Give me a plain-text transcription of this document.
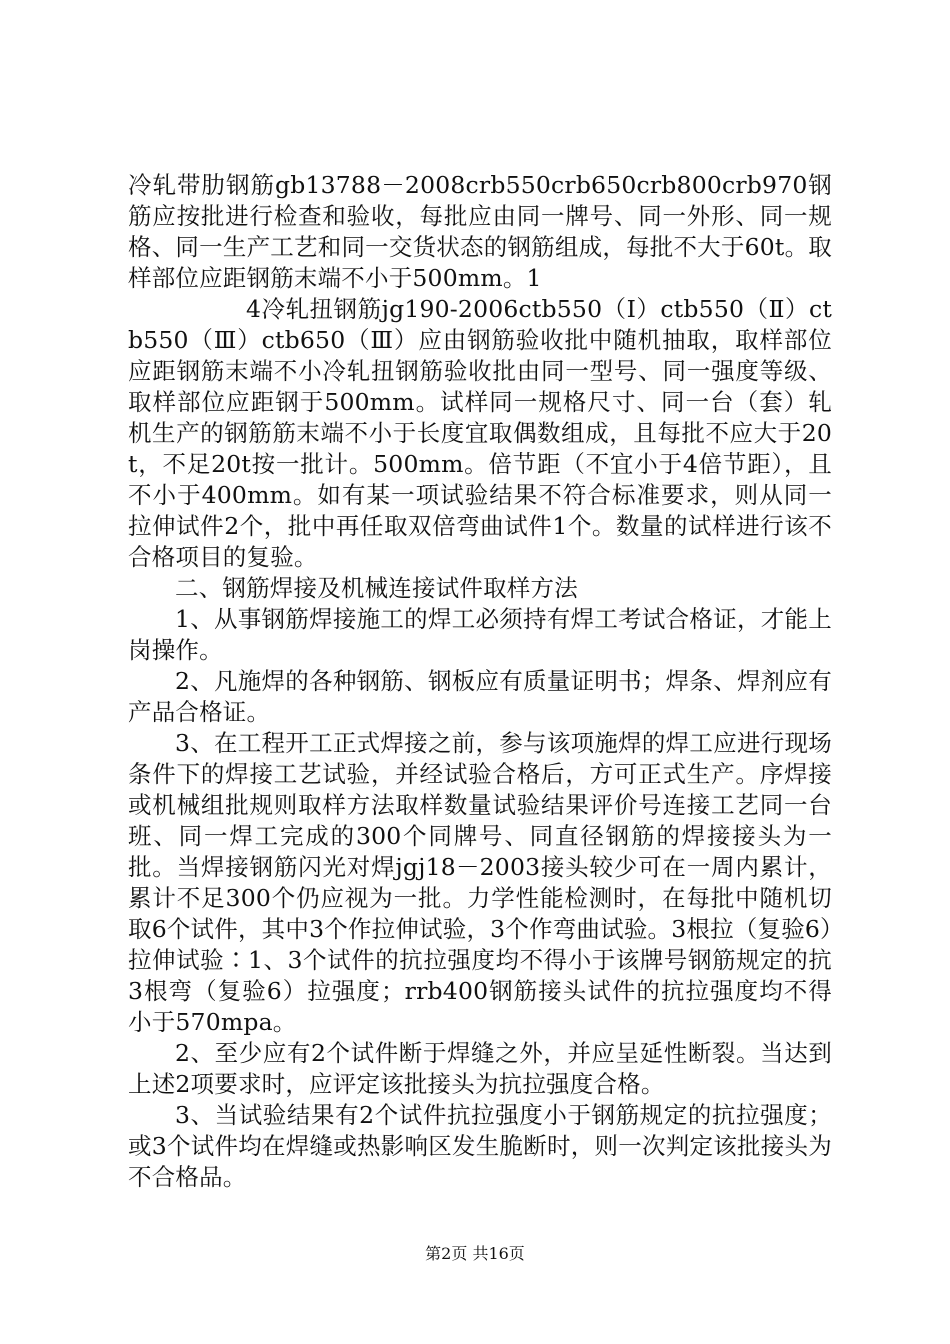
冷轧带肋钢筋gb13788－2008crb550crb650crb800crb970钢筋应按批进行检查和验收，每批应由同一牌号、同一外形、同一规格、同一生产工艺和同一交货状态的钢筋组成，每批不大于60t。取样部位应距钢筋末端不小于500mm。1

4冷轧扭钢筋jg190-2006ctb550（Ⅰ）ctb550（Ⅱ）ctb550（Ⅲ）ctb650（Ⅲ）应由钢筋验收批中随机抽取，取样部位应距钢筋末端不小冷轧扭钢筋验收批由同一型号、同一强度等级、取样部位应距钢于500mm。试样同一规格尺寸、同一台（套）轧机生产的钢筋筋末端不小于长度宜取偶数组成，且每批不应大于20t，不足20t按一批计。500mm。倍节距（不宜小于4倍节距），且不小于400mm。如有某一项试验结果不符合标准要求，则从同一拉伸试件2个，批中再任取双倍弯曲试件1个。数量的试样进行该不合格项目的复验。

二、钢筋焊接及机械连接试件取样方法

1、从事钢筋焊接施工的焊工必须持有焊工考试合格证，才能上岗操作。

2、凡施焊的各种钢筋、钢板应有质量证明书；焊条、焊剂应有产品合格证。

3、在工程开工正式焊接之前，参与该项施焊的焊工应进行现场条件下的焊接工艺试验，并经试验合格后，方可正式生产。序焊接或机械组批规则取样方法取样数量试验结果评价号连接工艺同一台班、同一焊工完成的300个同牌号、同直径钢筋的焊接接头为一批。当焊接钢筋闪光对焊jgj18－2003接头较少可在一周内累计，累计不足300个仍应视为一批。力学性能检测时，在每批中随机切取6个试件，其中3个作拉伸试验，3个作弯曲试验。3根拉（复验6）拉伸试验∶1、3个试件的抗拉强度均不得小于该牌号钢筋规定的抗3根弯（复验6）拉强度；rrb400钢筋接头试件的抗拉强度均不得小于570mpa。

2、至少应有2个试件断于焊缝之外，并应呈延性断裂。当达到上述2项要求时，应评定该批接头为抗拉强度合格。

3、当试验结果有2个试件抗拉强度小于钢筋规定的抗拉强度；或3个试件均在焊缝或热影响区发生脆断时，则一次判定该批接头为不合格品。

第2页 共16页
